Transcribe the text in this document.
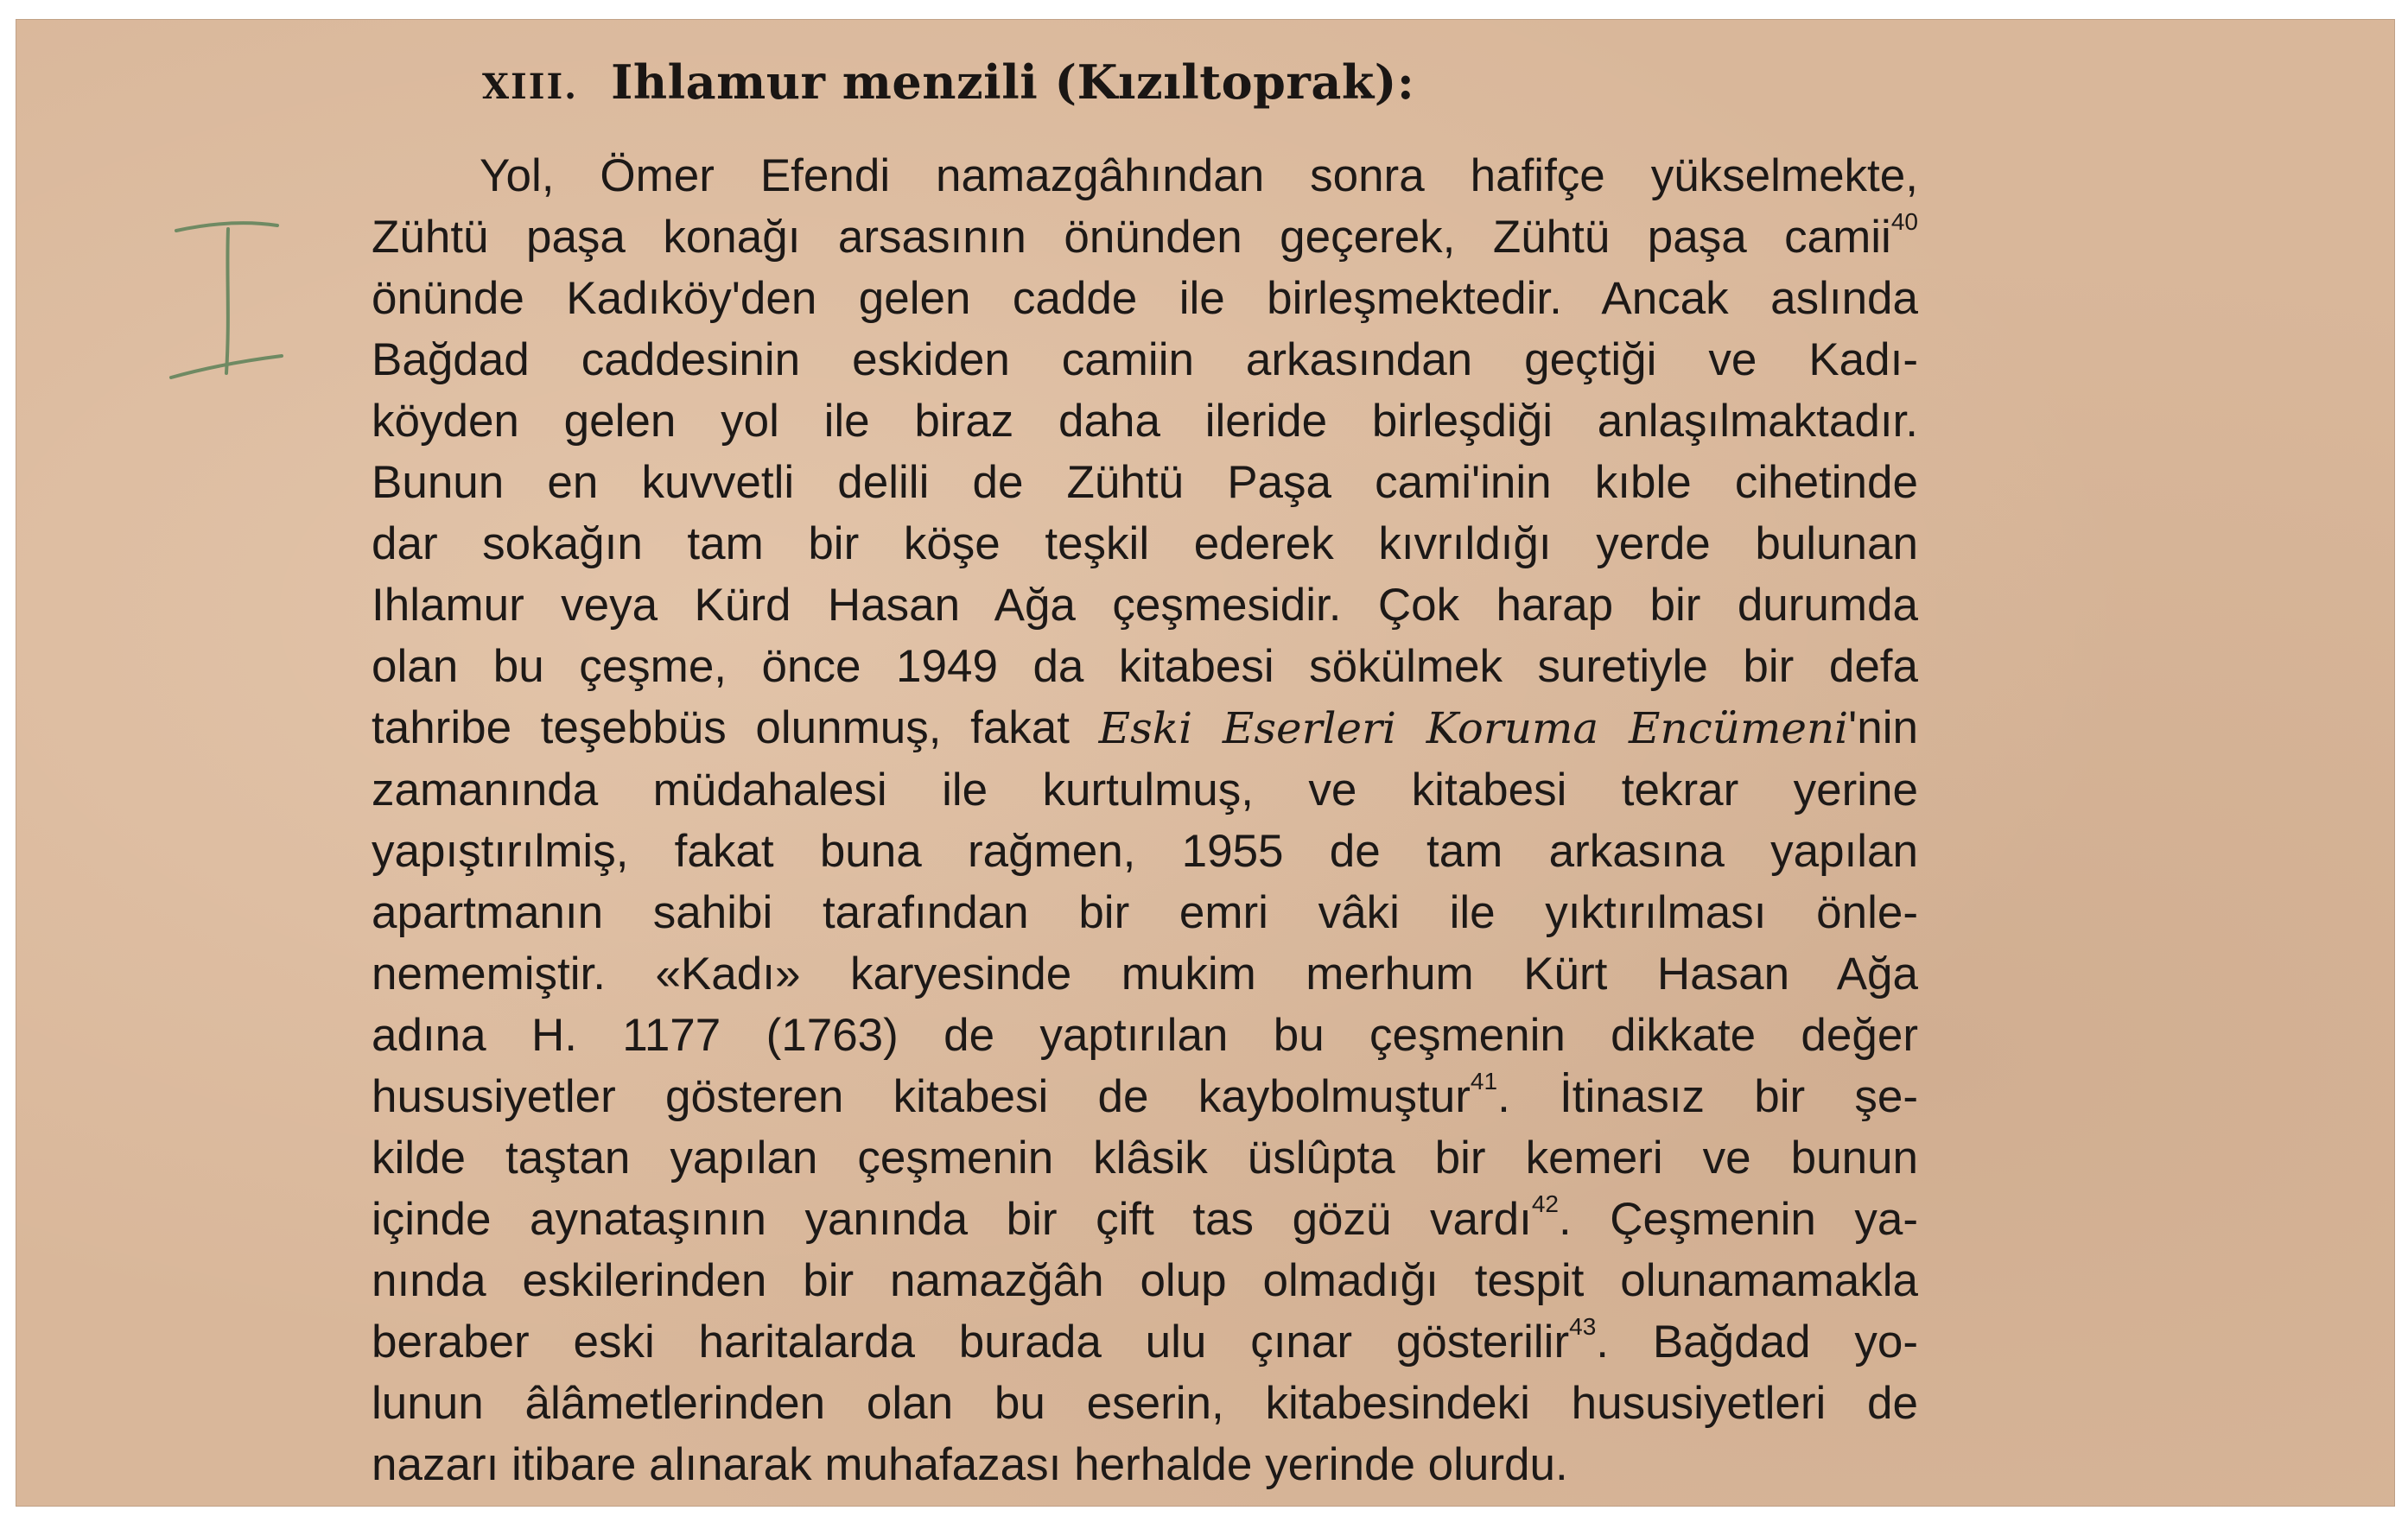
XIII. Ihlamur menzili (Kızıltoprak):
Yol, Ömer Efendi namazgâhından sonra hafifçe yükselmekte,
Zühtü paşa konağı arsasının önünden geçerek, Zühtü paşa camii$^{40}$
önünde Kadıköy'den gelen cadde ile birleşmektedir. Ancak aslında
Bağdad caddesinin eskiden camiin arkasından geçtiği ve Kadı-
köyden gelen yol ile biraz daha ileride birleşdiği anlaşılmaktadır.
Bunun en kuvvetli delili de Zühtü Paşa cami'inin kıble cihetinde
dar sokağın tam bir köşe teşkil ederek kıvrıldığı yerde bulunan
Ihlamur veya Kürd Hasan Ağa çeşmesidir. Çok harap bir durumda
olan bu çeşme, önce 1949 da kitabesi sökülmek suretiyle bir defa
tahribe teşebbüs olunmuş, fakat Eski Eserleri Koruma Encümeni'nin
zamanında müdahalesi ile kurtulmuş, ve kitabesi tekrar yerine
yapıştırılmiş, fakat buna rağmen, 1955 de tam arkasına yapılan
apartmanın sahibi tarafından bir emri vâki ile yıktırılması önle-
nememiştir. «Kadı» karyesinde mukim merhum Kürt Hasan Ağa
adına H. 1177 (1763) de yaptırılan bu çeşmenin dikkate değer
hususiyetler gösteren kitabesi de kaybolmuştur$^{41}$. İtinasız bir şe-
kilde taştan yapılan çeşmenin klâsik üslûpta bir kemeri ve bunun
içinde aynataşının yanında bir çift tas gözü vardı$^{42}$. Çeşmenin ya-
nında eskilerinden bir namazğâh olup olmadığı tespit olunamamakla
beraber eski haritalarda burada ulu çınar gösterilir$^{43}$. Bağdad yo-
lunun âlâmetlerinden olan bu eserin, kitabesindeki hususiyetleri de
nazarı itibare alınarak muhafazası herhalde yerinde olurdu.
